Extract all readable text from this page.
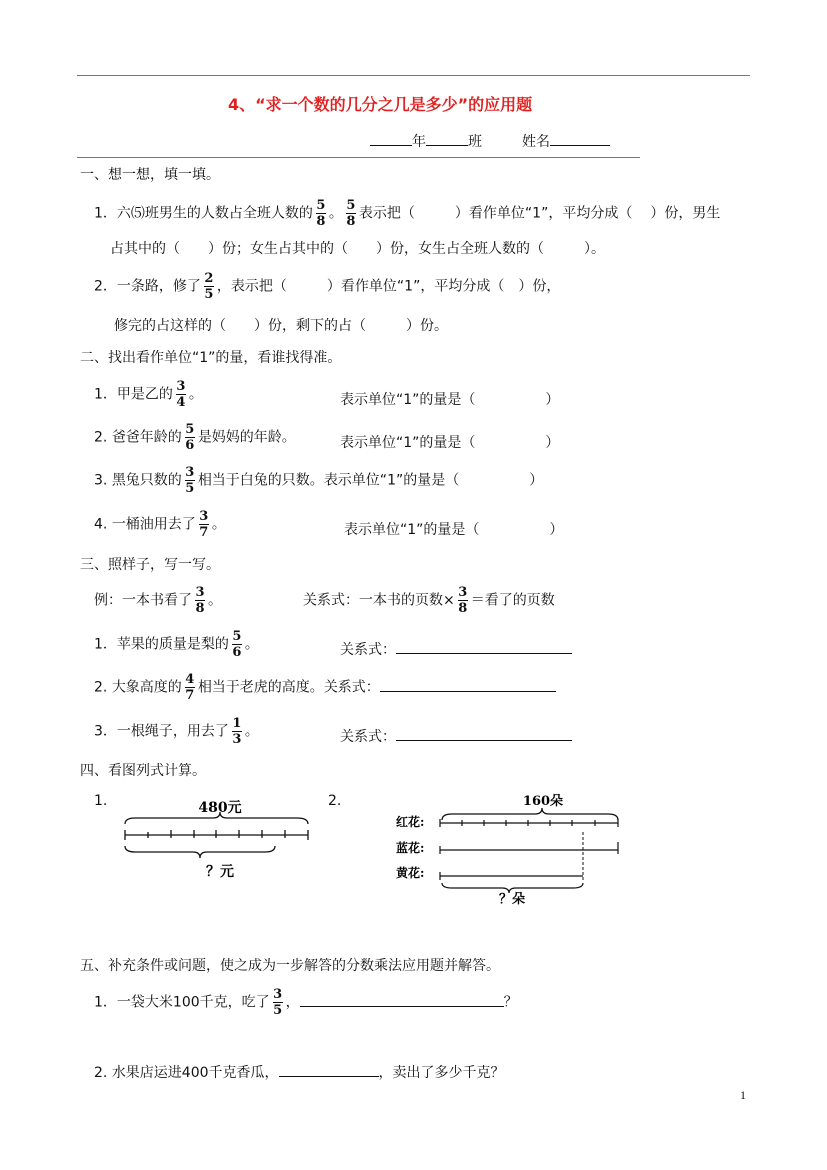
4、“求一个数的几分之几是多少”的应用题
年	班	姓名
一、想一想，填一填。
1．六⑸班男生的人数占全班人数的 $\frac{5}{8}$ 。 $\frac{5}{8}$ 表示把（	）看作单位“1”，平均分成（ ）份，男生
占其中的（ ）份；女生占其中的（ ）份，女生占全班人数的（	）。
2．一条路，修了 $\frac{2}{5}$ ，表示把（	）看作单位“1”，平均分成（ ）份，
修完的占这样的（ ）份，剩下的占（	）份。
二、找出看作单位“1”的量，看谁找得准。
1．甲是乙的 $\frac{3}{4}$ 。	表示单位“1”的量是（	）
2. 爸爸年龄的 $\frac{5}{6}$ 是妈妈的年龄。	表示单位“1”的量是（	）
3. 黑兔只数的 $\frac{3}{5}$ 相当于白兔的只数。表示单位“1”的量是（	）
4. 一桶油用去了 $\frac{3}{7}$ 。	表示单位“1”的量是（	）
三、照样子，写一写。
例：一本书看了 $\frac{3}{8}$ 。	关系式：一本书的页数× $\frac{3}{8}$ ＝看了的页数
1．苹果的质量是梨的 $\frac{5}{6}$ 。	关系式：
2. 大象高度的 $\frac{4}{7}$ 相当于老虎的高度。关系式：
3．一根绳子，用去了 $\frac{1}{3}$ 。	关系式：
四、看图列式计算。
1.	480元
？元
2.	160朵
红花:
蓝花:
黄花:
？朵
五、补充条件或问题，使之成为一步解答的分数乘法应用题并解答。
1．一袋大米100千克，吃了 $\frac{3}{5}$ ，	？
2. 水果店运进400千克香瓜，	，卖出了多少千克？
1
